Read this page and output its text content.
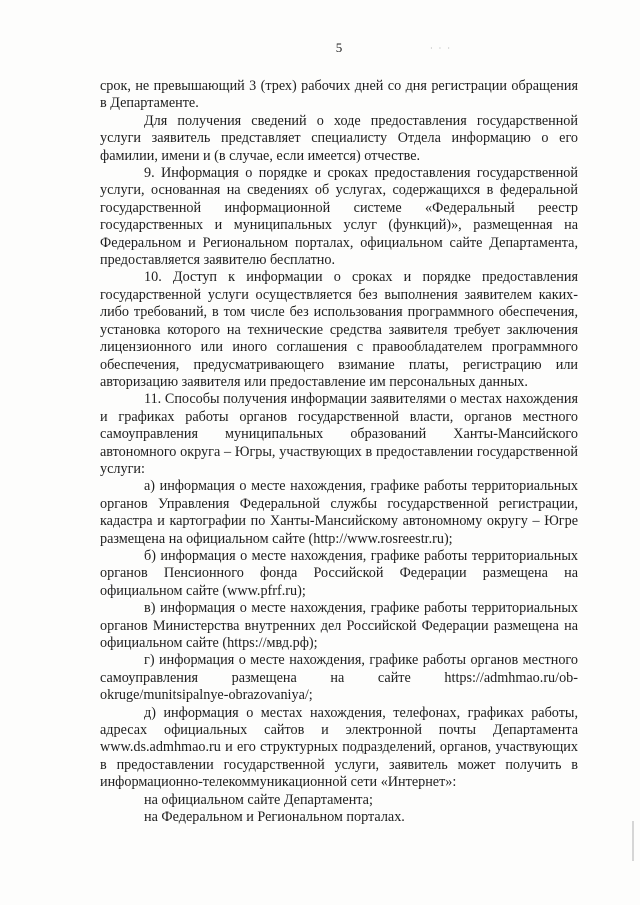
· · ·
5

срок, не превышающий 3 (трех) рабочих дней со дня регистрации обращения в Департаменте.

Для получения сведений о ходе предоставления государственной услуги заявитель представляет специалисту Отдела информацию о его фамилии, имени и (в случае, если имеется) отчестве.

9. Информация о порядке и сроках предоставления государственной услуги, основанная на сведениях об услугах, содержащихся в федеральной государственной информационной системе «Федеральный реестр государственных и муниципальных услуг (функций)», размещенная на Федеральном и Региональном порталах, официальном сайте Департамента, предоставляется заявителю бесплатно.

10. Доступ к информации о сроках и порядке предоставления государственной услуги осуществляется без выполнения заявителем каких-либо требований, в том числе без использования программного обеспечения, установка которого на технические средства заявителя требует заключения лицензионного или иного соглашения с правообладателем программного обеспечения, предусматривающего взимание платы, регистрацию или авторизацию заявителя или предоставление им персональных данных.

11. Способы получения информации заявителями о местах нахождения и графиках работы органов государственной власти, органов местного самоуправления муниципальных образований Ханты-Мансийского автономного округа – Югры, участвующих в предоставлении государственной услуги:

а) информация о месте нахождения, графике работы территориальных органов Управления Федеральной службы государственной регистрации, кадастра и картографии по Ханты-Мансийскому автономному округу – Югре размещена на официальном сайте (http://www.rosreestr.ru);

б) информация о месте нахождения, графике работы территориальных органов Пенсионного фонда Российской Федерации размещена на официальном сайте (www.pfrf.ru);

в) информация о месте нахождения, графике работы территориальных органов Министерства внутренних дел Российской Федерации размещена на официальном сайте (https://мвд.рф);

г) информация о месте нахождения, графике работы органов местного самоуправления размещена на сайте https://admhmao.ru/ob-okruge/munitsipalnye-obrazovaniya/;

д) информация о местах нахождения, телефонах, графиках работы, адресах официальных сайтов и электронной почты Департамента www.ds.admhmao.ru и его структурных подразделений, органов, участвующих в предоставлении государственной услуги, заявитель может получить в информационно-телекоммуникационной сети «Интернет»:

на официальном сайте Департамента;

на Федеральном и Региональном порталах.
